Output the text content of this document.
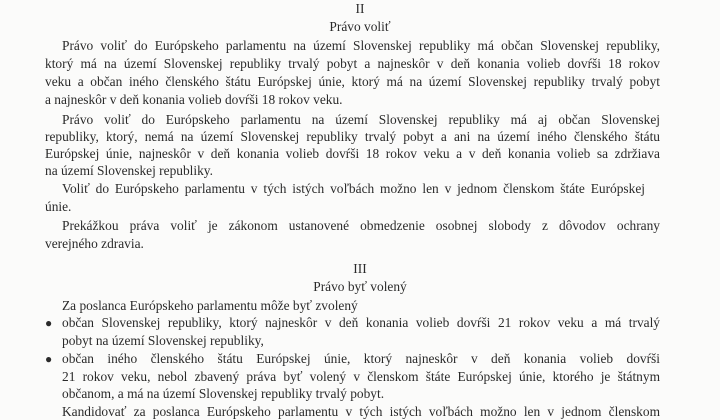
II
Právo voliť
Právo voliť do Európskeho parlamentu na území Slovenskej republiky má občan Slovenskej republiky,
ktorý má na území Slovenskej republiky trvalý pobyt a najneskôr v deň konania volieb dovŕši 18 rokov
veku a občan iného členského štátu Európskej únie, ktorý má na území Slovenskej republiky trvalý pobyt
a najneskôr v deň konania volieb dovŕši 18 rokov veku.
Právo voliť do Európskeho parlamentu na území Slovenskej republiky má aj občan Slovenskej
republiky, ktorý, nemá na území Slovenskej republiky trvalý pobyt a ani na území iného členského štátu
Európskej únie, najneskôr v deň konania volieb dovŕši 18 rokov veku a v deň konania volieb sa zdržiava
na území Slovenskej republiky.
Voliť do Európskeho parlamentu v tých istých voľbách možno len v jednom členskom štáte Európskej
únie.
Prekážkou práva voliť je zákonom ustanovené obmedzenie osobnej slobody z dôvodov ochrany
verejného zdravia.
III
Právo byť volený
Za poslanca Európskeho parlamentu môže byť zvolený
● občan Slovenskej republiky, ktorý najneskôr v deň konania volieb dovŕši 21 rokov veku a má trvalý
pobyt na území Slovenskej republiky,
● občan iného členského štátu Európskej únie, ktorý najneskôr v deň konania volieb dovŕši
21 rokov veku, nebol zbavený práva byť volený v členskom štáte Európskej únie, ktorého je štátnym
občanom, a má na území Slovenskej republiky trvalý pobyt.
Kandidovať za poslanca Európskeho parlamentu v tých istých voľbách možno len v jednom členskom
